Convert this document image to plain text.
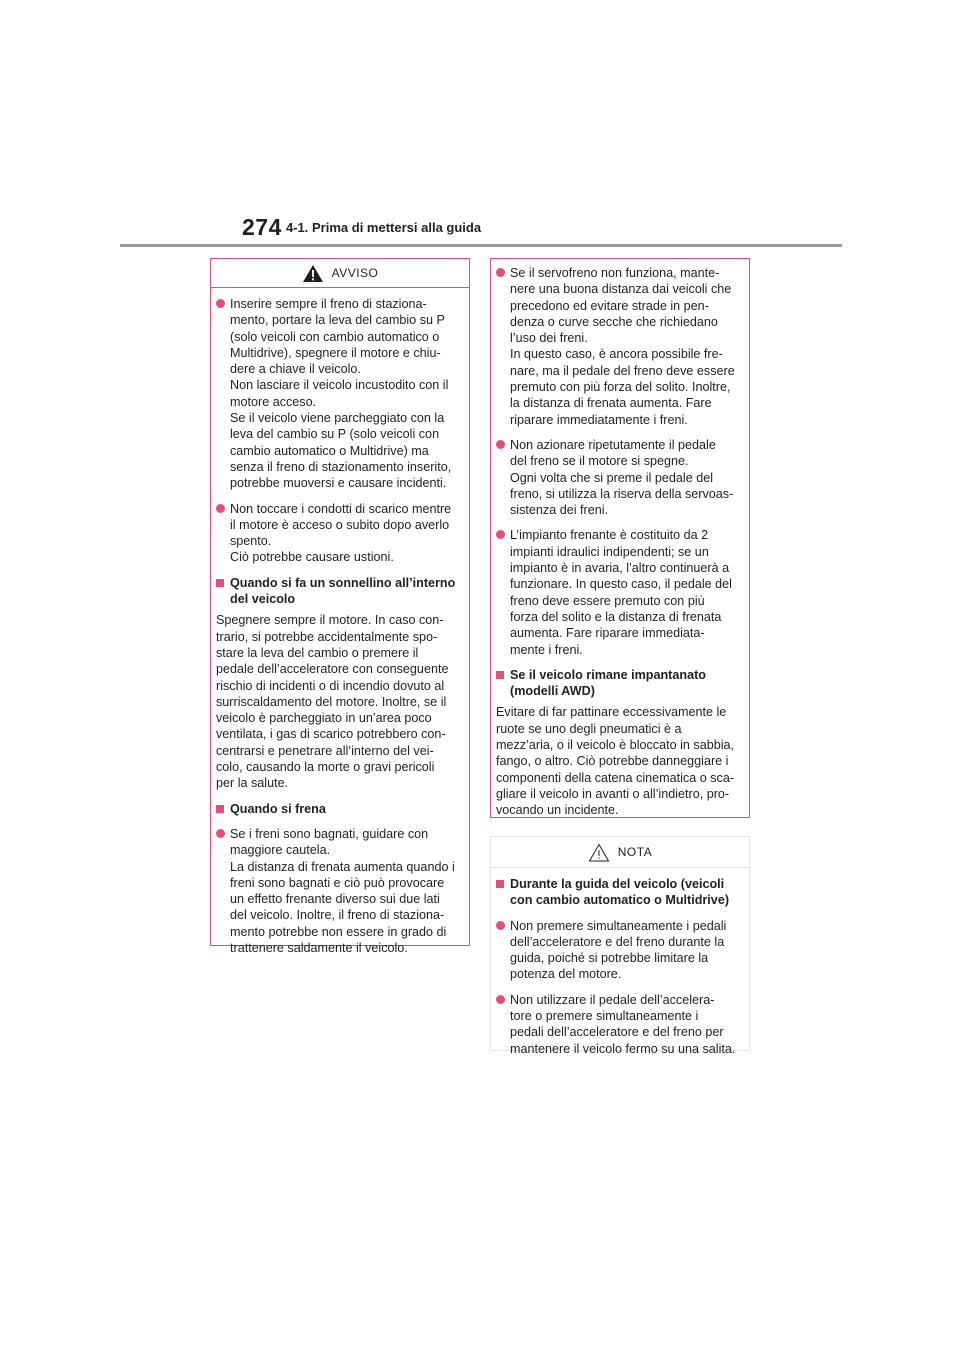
274 4-1. Prima di mettersi alla guida
AVVISO
Inserire sempre il freno di staziona-
mento, portare la leva del cambio su P
(solo veicoli con cambio automatico o
Multidrive), spegnere il motore e chiu-
dere a chiave il veicolo.
Non lasciare il veicolo incustodito con il
motore acceso.
Se il veicolo viene parcheggiato con la
leva del cambio su P (solo veicoli con
cambio automatico o Multidrive) ma
senza il freno di stazionamento inserito,
potrebbe muoversi e causare incidenti.
Non toccare i condotti di scarico mentre
il motore è acceso o subito dopo averlo
spento.
Ciò potrebbe causare ustioni.
Quando si fa un sonnellino all’interno
del veicolo
Spegnere sempre il motore. In caso con-
trario, si potrebbe accidentalmente spo-
stare la leva del cambio o premere il
pedale dell’acceleratore con conseguente
rischio di incidenti o di incendio dovuto al
surriscaldamento del motore. Inoltre, se il
veicolo è parcheggiato in un’area poco
ventilata, i gas di scarico potrebbero con-
centrarsi e penetrare all’interno del vei-
colo, causando la morte o gravi pericoli
per la salute.
Quando si frena
Se i freni sono bagnati, guidare con
maggiore cautela.
La distanza di frenata aumenta quando i
freni sono bagnati e ciò può provocare
un effetto frenante diverso sui due lati
del veicolo. Inoltre, il freno di staziona-
mento potrebbe non essere in grado di
trattenere saldamente il veicolo.
Se il servofreno non funziona, mante-
nere una buona distanza dai veicoli che
precedono ed evitare strade in pen-
denza o curve secche che richiedano
l’uso dei freni.
In questo caso, è ancora possibile fre-
nare, ma il pedale del freno deve essere
premuto con più forza del solito. Inoltre,
la distanza di frenata aumenta. Fare
riparare immediatamente i freni.
Non azionare ripetutamente il pedale
del freno se il motore si spegne.
Ogni volta che si preme il pedale del
freno, si utilizza la riserva della servoas-
sistenza dei freni.
L’impianto frenante è costituito da 2
impianti idraulici indipendenti; se un
impianto è in avaria, l’altro continuerà a
funzionare. In questo caso, il pedale del
freno deve essere premuto con più
forza del solito e la distanza di frenata
aumenta. Fare riparare immediata-
mente i freni.
Se il veicolo rimane impantanato
(modelli AWD)
Evitare di far pattinare eccessivamente le
ruote se uno degli pneumatici è a
mezz’aria, o il veicolo è bloccato in sabbia,
fango, o altro. Ciò potrebbe danneggiare i
componenti della catena cinematica o sca-
gliare il veicolo in avanti o all’indietro, pro-
vocando un incidente.
NOTA
Durante la guida del veicolo (veicoli
con cambio automatico o Multidrive)
Non premere simultaneamente i pedali
dell’acceleratore e del freno durante la
guida, poiché si potrebbe limitare la
potenza del motore.
Non utilizzare il pedale dell’accelera-
tore o premere simultaneamente i
pedali dell’acceleratore e del freno per
mantenere il veicolo fermo su una salita.
